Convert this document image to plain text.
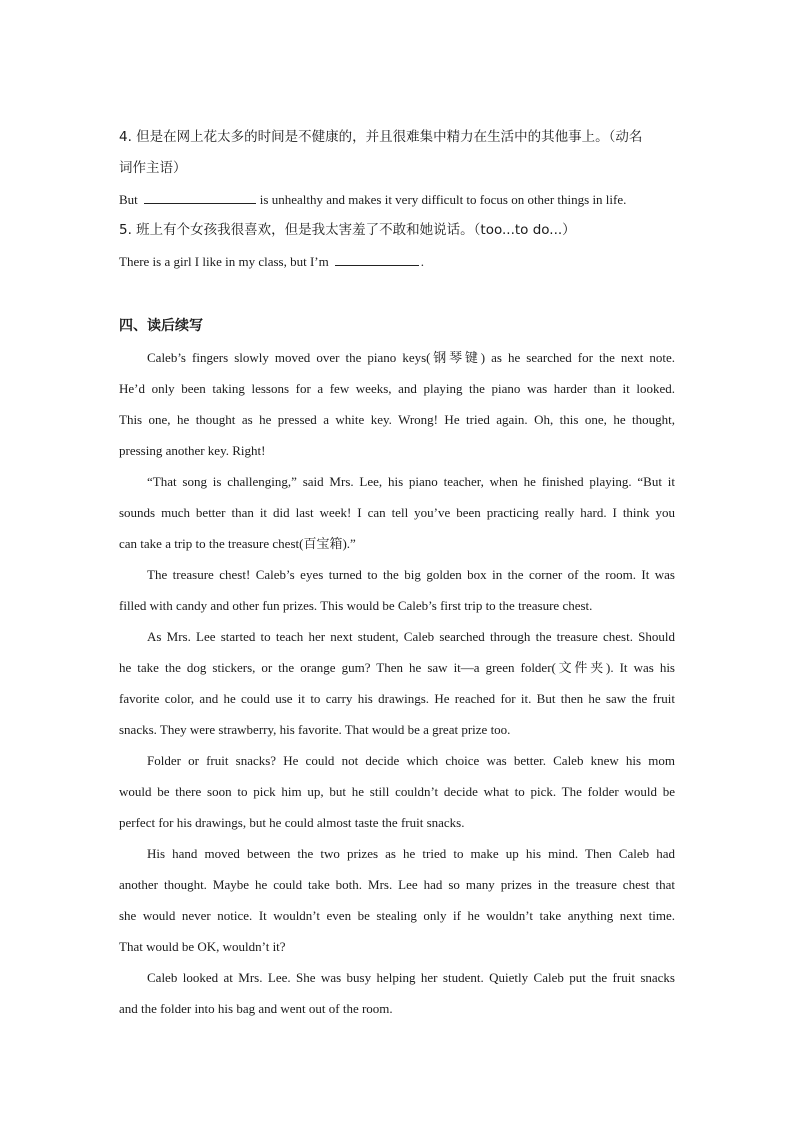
4. 但是在网上花太多的时间是不健康的，并且很难集中精力在生活中的其他事上。（动名

词作主语）

But	is unhealthy and makes it very difficult to focus on other things in life.

5. 班上有个女孩我很喜欢，但是我太害羞了不敢和她说话。（too...to do...）

There is a girl I like in my class, but I’m	.

四、读后续写
Caleb’s fingers slowly moved over the piano keys(钢琴键) as he searched for the next note.
He’d only been taking lessons for a few weeks, and playing the piano was harder than it looked.
This one, he thought as he pressed a white key. Wrong! He tried again. Oh, this one, he thought,
pressing another key. Right!
“That song is challenging,” said Mrs. Lee, his piano teacher, when he finished playing. “But it
sounds much better than it did last week! I can tell you’ve been practicing really hard. I think you
can take a trip to the treasure chest(百宝箱).”
The treasure chest! Caleb’s eyes turned to the big golden box in the corner of the room. It was
filled with candy and other fun prizes. This would be Caleb’s first trip to the treasure chest.
As Mrs. Lee started to teach her next student, Caleb searched through the treasure chest. Should
he take the dog stickers, or the orange gum? Then he saw it—a green folder(文件夹). It was his
favorite color, and he could use it to carry his drawings. He reached for it. But then he saw the fruit
snacks. They were strawberry, his favorite. That would be a great prize too.
Folder or fruit snacks? He could not decide which choice was better. Caleb knew his mom
would be there soon to pick him up, but he still couldn’t decide what to pick. The folder would be
perfect for his drawings, but he could almost taste the fruit snacks.
His hand moved between the two prizes as he tried to make up his mind. Then Caleb had
another thought. Maybe he could take both. Mrs. Lee had so many prizes in the treasure chest that
she would never notice. It wouldn’t even be stealing only if he wouldn’t take anything next time.
That would be OK, wouldn’t it?
Caleb looked at Mrs. Lee. She was busy helping her student. Quietly Caleb put the fruit snacks
and the folder into his bag and went out of the room.
